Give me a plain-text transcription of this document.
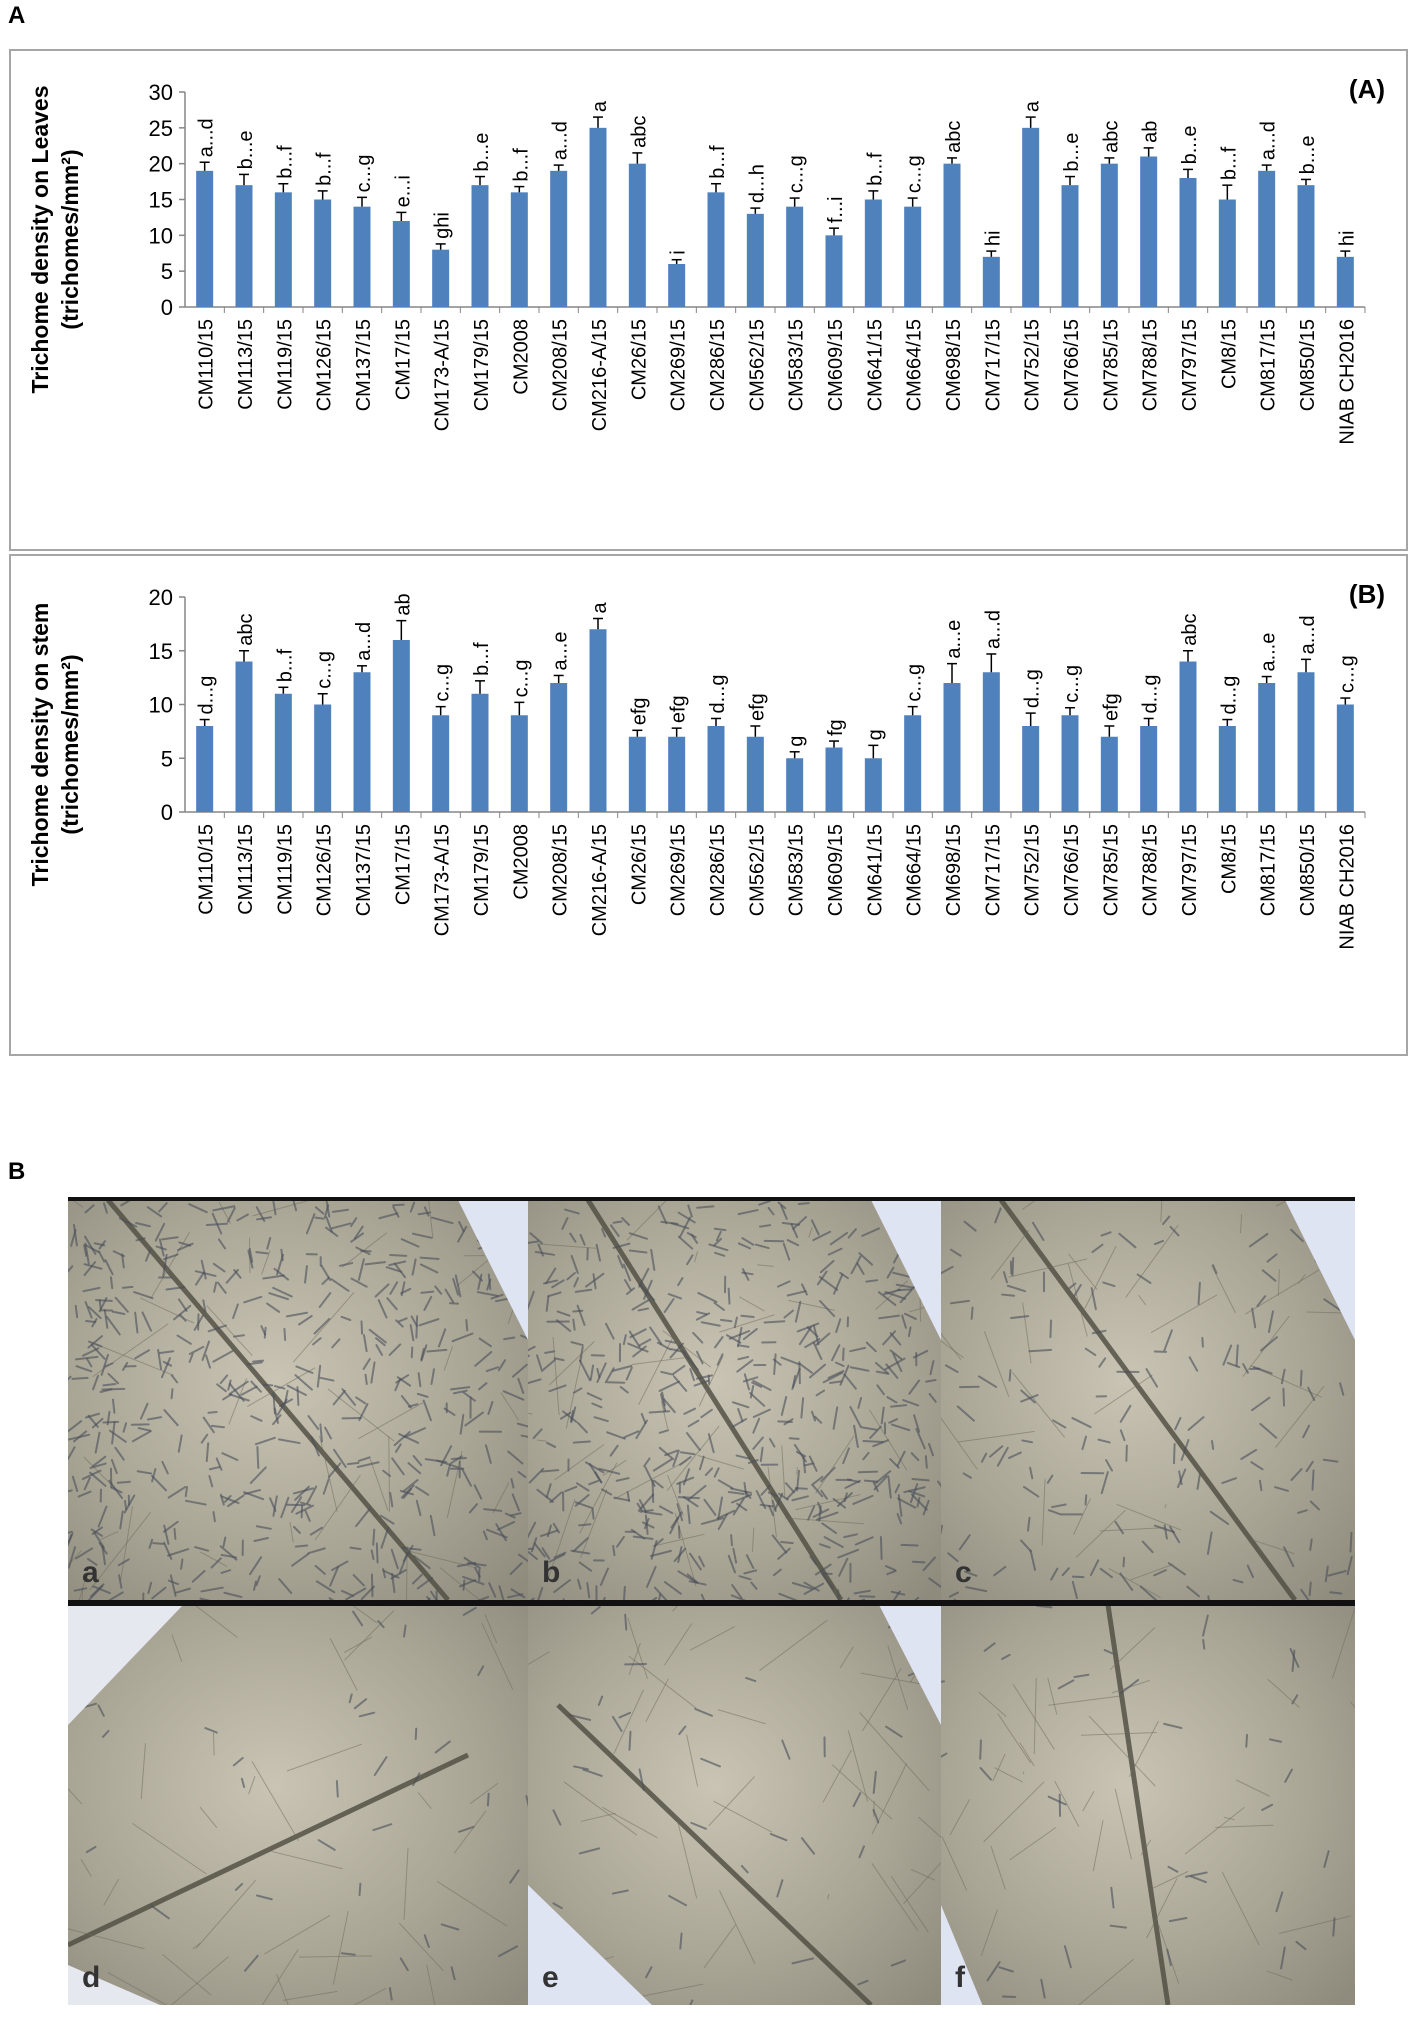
A
0
5
10
15
20
25
30
Trichome density on Leaves (trichomes/mm²)
(A)
a...d
CM110/15
b...e
CM113/15
b...f
CM119/15
b...f
CM126/15
c...g
CM137/15
e...i
CM17/15
ghi
CM173-A/15
b...e
CM179/15
b...f
CM2008
a...d
CM208/15
a
CM216-A/15
abc
CM26/15
i
CM269/15
b...f
CM286/15
d...h
CM562/15
c...g
CM583/15
f...i
CM609/15
b...f
CM641/15
c...g
CM664/15
abc
CM698/15
hi
CM717/15
a
CM752/15
b...e
CM766/15
abc
CM785/15
ab
CM788/15
b...e
CM797/15
b...f
CM8/15
a...d
CM817/15
b...e
CM850/15
hi
NIAB CH2016
0
5
10
15
20
Trichome density on stem (trichomes/mm²)
(B)
d...g
CM110/15
abc
CM113/15
b...f
CM119/15
c...g
CM126/15
a...d
CM137/15
ab
CM17/15
c...g
CM173-A/15
b...f
CM179/15
c...g
CM2008
a...e
CM208/15
a
CM216-A/15
efg
CM26/15
efg
CM269/15
d...g
CM286/15
efg
CM562/15
g
CM583/15
fg
CM609/15
g
CM641/15
c...g
CM664/15
a...e
CM698/15
a...d
CM717/15
d...g
CM752/15
c...g
CM766/15
efg
CM785/15
d...g
CM788/15
abc
CM797/15
d...g
CM8/15
a...e
CM817/15
a...d
CM850/15
c...g
NIAB CH2016
B
a	b	c
d	e	f
